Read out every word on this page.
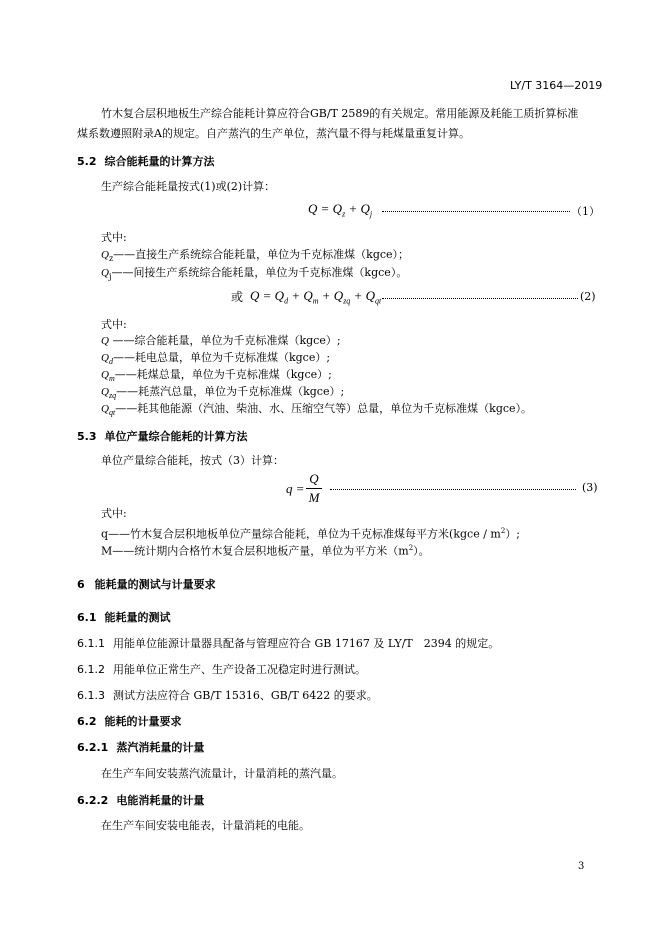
LY/T 3164—2019
竹木复合层积地板生产综合能耗计算应符合GB/T 2589的有关规定。常用能源及耗能工质折算标准
煤系数遵照附录A的规定。自产蒸汽的生产单位，蒸汽量不得与耗煤量重复计算。
5.2 综合能耗量的计算方法
生产综合能耗量按式(1)或(2)计算：
$Q = Q_z + Q_j$	（1）
式中:
$Q_z——$直接生产系统综合能耗量，单位为千克标准煤（kgce）；
$Q_j——$间接生产系统综合能耗量，单位为千克标准煤（kgce）。
或 $Q = Q_d + Q_m + Q_{zq} + Q_{qt}$	(2)
式中:
Q ——综合能耗量，单位为千克标准煤（kgce）;
$Q_d——$耗电总量，单位为千克标准煤（kgce）;
$Q_m——$耗煤总量，单位为千克标准煤（kgce）;
$Q_{zq}——$耗蒸汽总量，单位为千克标准煤（kgce）;
$Q_{qt}——$耗其他能源（汽油、柴油、水、压缩空气等）总量，单位为千克标准煤（kgce）。
5.3 单位产量综合能耗的计算方法
单位产量综合能耗，按式（3）计算：
q =
Q
M
(3)
式中:
q——竹木复合层积地板单位产量综合能耗，单位为千克标准煤每平方米(kgce / $m^2$）;
M——统计期内合格竹木复合层积地板产量，单位为平方米$(m^2)$。
6 能耗量的测试与计量要求
6.1 能耗量的测试
6.1.1 用能单位能源计量器具配备与管理应符合 GB 17167 及 LY/T　2394 的规定。
6.1.2 用能单位正常生产、生产设备工况稳定时进行测试。
6.1.3 测试方法应符合 GB/T 15316、GB/T 6422 的要求。
6.2 能耗的计量要求
6.2.1 蒸汽消耗量的计量
在生产车间安装蒸汽流量计，计量消耗的蒸汽量。
6.2.2 电能消耗量的计量
在生产车间安装电能表，计量消耗的电能。
3
